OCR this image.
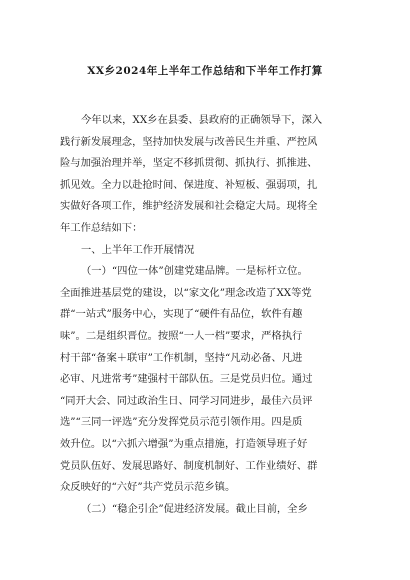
XX乡2024年上半年工作总结和下半年工作打算
今年以来，XX乡在县委、县政府的正确领导下，深入
践行新发展理念，坚持加快发展与改善民生并重、严控风
险与加强治理并举，坚定不移抓贯彻、抓执行、抓推进、
抓见效。全力以赴抢时间、保进度、补短板、强弱项，扎
实做好各项工作，维护经济发展和社会稳定大局。现将全
年工作总结如下：
一、上半年工作开展情况
（一）“四位一体”创建党建品牌。一是标杆立位。
全面推进基层党的建设，以“家文化”理念改造了XX等党
群“一站式”服务中心，实现了“硬件有品位，软件有趣
味”。二是组织晋位。按照“一人一档”要求，严格执行
村干部“备案＋联审”工作机制，坚持“凡动必备、凡进
必审、凡进常考”建强村干部队伍。三是党员归位。通过
“同开大会、同过政治生日、同学习同进步，最佳六员评
选”“三同一评选”充分发挥党员示范引领作用。四是质
效升位。以“六抓六增强”为重点措施，打造领导班子好
党员队伍好、发展思路好、制度机制好、工作业绩好、群
众反映好的“六好”共产党员示范乡镇。
（二）“稳企引企”促进经济发展。截止目前，全乡
